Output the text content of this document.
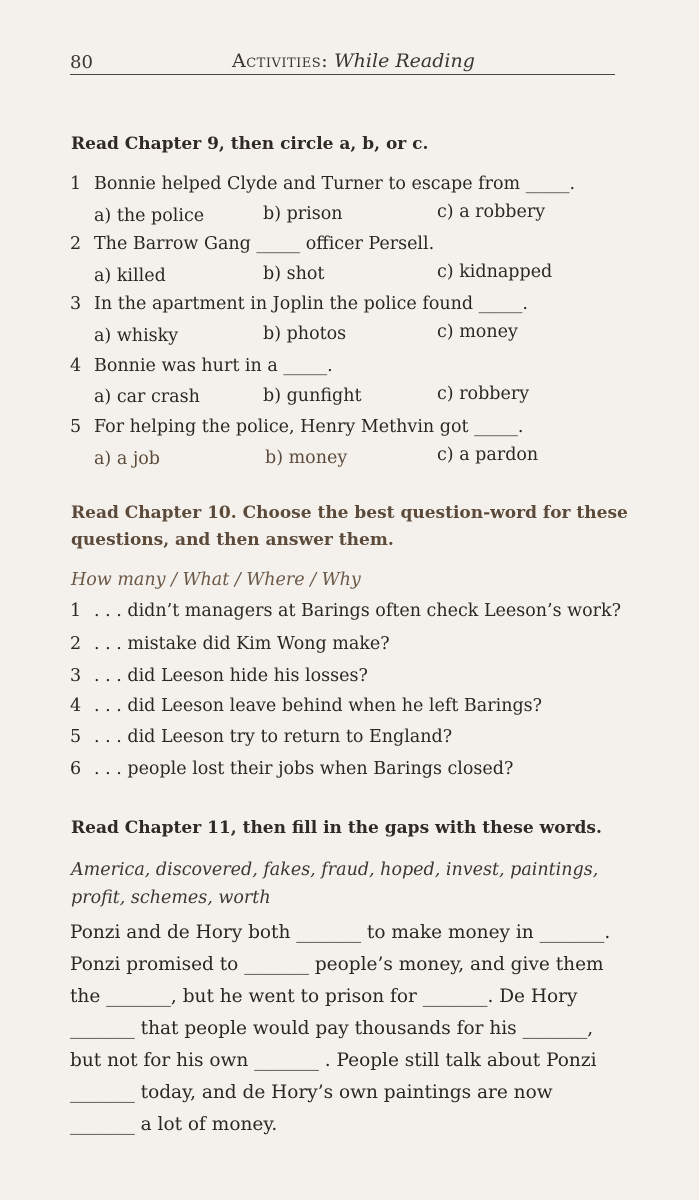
80	Activities: While Reading
Read Chapter 9, then circle a, b, or c.
1 Bonnie helped Clyde and Turner to escape from _____.
a) the police	b) prison	c) a robbery
2 The Barrow Gang _____ officer Persell.
a) killed	b) shot	c) kidnapped
3 In the apartment in Joplin the police found _____.
a) whisky	b) photos	c) money
4 Bonnie was hurt in a _____.
a) car crash	b) gunfight	c) robbery
5 For helping the police, Henry Methvin got _____.
a) a job	b) money	c) a pardon
Read Chapter 10. Choose the best question-word for these
questions, and then answer them.
How many / What / Where / Why
1 . . . didn’t managers at Barings often check Leeson’s work?
2 . . . mistake did Kim Wong make?
3 . . . did Leeson hide his losses?
4 . . . did Leeson leave behind when he left Barings?
5 . . . did Leeson try to return to England?
6 . . . people lost their jobs when Barings closed?
Read Chapter 11, then fill in the gaps with these words.
America, discovered, fakes, fraud, hoped, invest, paintings,
profit, schemes, worth
Ponzi and de Hory both _______ to make money in _______.
Ponzi promised to _______ people’s money, and give them
the _______, but he went to prison for _______. De Hory
_______ that people would pay thousands for his _______,
but not for his own _______ . People still talk about Ponzi
_______ today, and de Hory’s own paintings are now
_______ a lot of money.
